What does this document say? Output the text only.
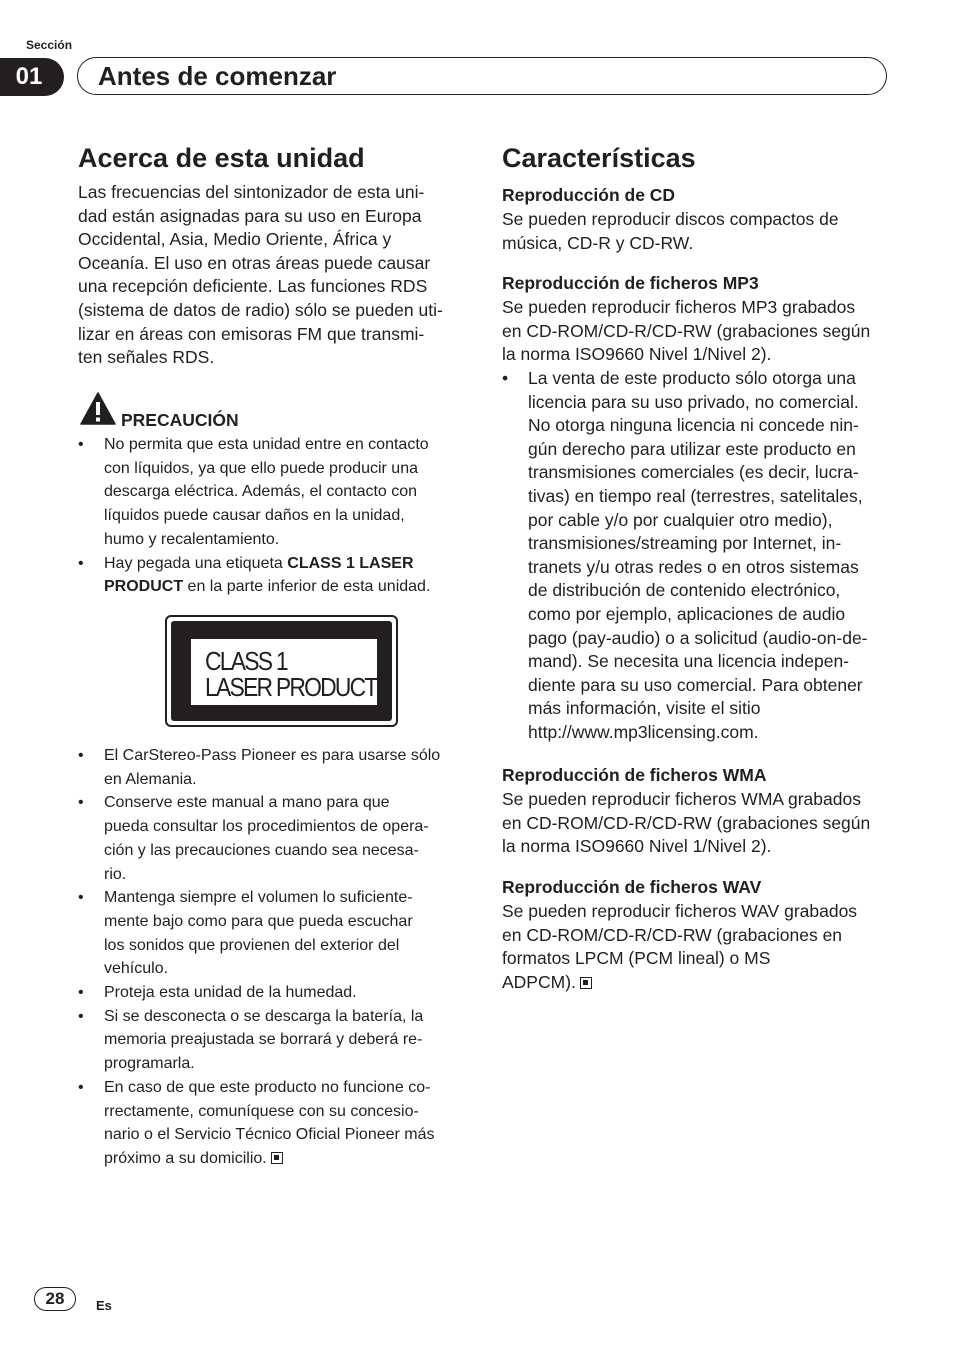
Sección
01	Antes de comenzar
Acerca de esta unidad
Las frecuencias del sintonizador de esta uni-
dad están asignadas para su uso en Europa
Occidental, Asia, Medio Oriente, África y
Oceanía. El uso en otras áreas puede causar
una recepción deficiente. Las funciones RDS
(sistema de datos de radio) sólo se pueden uti-
lizar en áreas con emisoras FM que transmi-
ten señales RDS.
PRECAUCIÓN
• No permita que esta unidad entre en contacto
con líquidos, ya que ello puede producir una
descarga eléctrica. Además, el contacto con
líquidos puede causar daños en la unidad,
humo y recalentamiento.
• Hay pegada una etiqueta CLASS 1 LASER
PRODUCT en la parte inferior de esta unidad.
CLASS 1
LASER PRODUCT
• El CarStereo-Pass Pioneer es para usarse sólo
en Alemania.
• Conserve este manual a mano para que
pueda consultar los procedimientos de opera-
ción y las precauciones cuando sea necesa-
rio.
• Mantenga siempre el volumen lo suficiente-
mente bajo como para que pueda escuchar
los sonidos que provienen del exterior del
vehículo.
• Proteja esta unidad de la humedad.
• Si se desconecta o se descarga la batería, la
memoria preajustada se borrará y deberá re-
programarla.
• En caso de que este producto no funcione co-
rrectamente, comuníquese con su concesio-
nario o el Servicio Técnico Oficial Pioneer más
próximo a su domicilio.
Características
Reproducción de CD
Se pueden reproducir discos compactos de
música, CD-R y CD-RW.
Reproducción de ficheros MP3
Se pueden reproducir ficheros MP3 grabados
en CD-ROM/CD-R/CD-RW (grabaciones según
la norma ISO9660 Nivel 1/Nivel 2).
• La venta de este producto sólo otorga una
licencia para su uso privado, no comercial.
No otorga ninguna licencia ni concede nin-
gún derecho para utilizar este producto en
transmisiones comerciales (es decir, lucra-
tivas) en tiempo real (terrestres, satelitales,
por cable y/o por cualquier otro medio),
transmisiones/streaming por Internet, in-
tranets y/u otras redes o en otros sistemas
de distribución de contenido electrónico,
como por ejemplo, aplicaciones de audio
pago (pay-audio) o a solicitud (audio-on-de-
mand). Se necesita una licencia indepen-
diente para su uso comercial. Para obtener
más información, visite el sitio
http://www.mp3licensing.com.
Reproducción de ficheros WMA
Se pueden reproducir ficheros WMA grabados
en CD-ROM/CD-R/CD-RW (grabaciones según
la norma ISO9660 Nivel 1/Nivel 2).
Reproducción de ficheros WAV
Se pueden reproducir ficheros WAV grabados
en CD-ROM/CD-R/CD-RW (grabaciones en
formatos LPCM (PCM lineal) o MS
ADPCM).
28	Es
